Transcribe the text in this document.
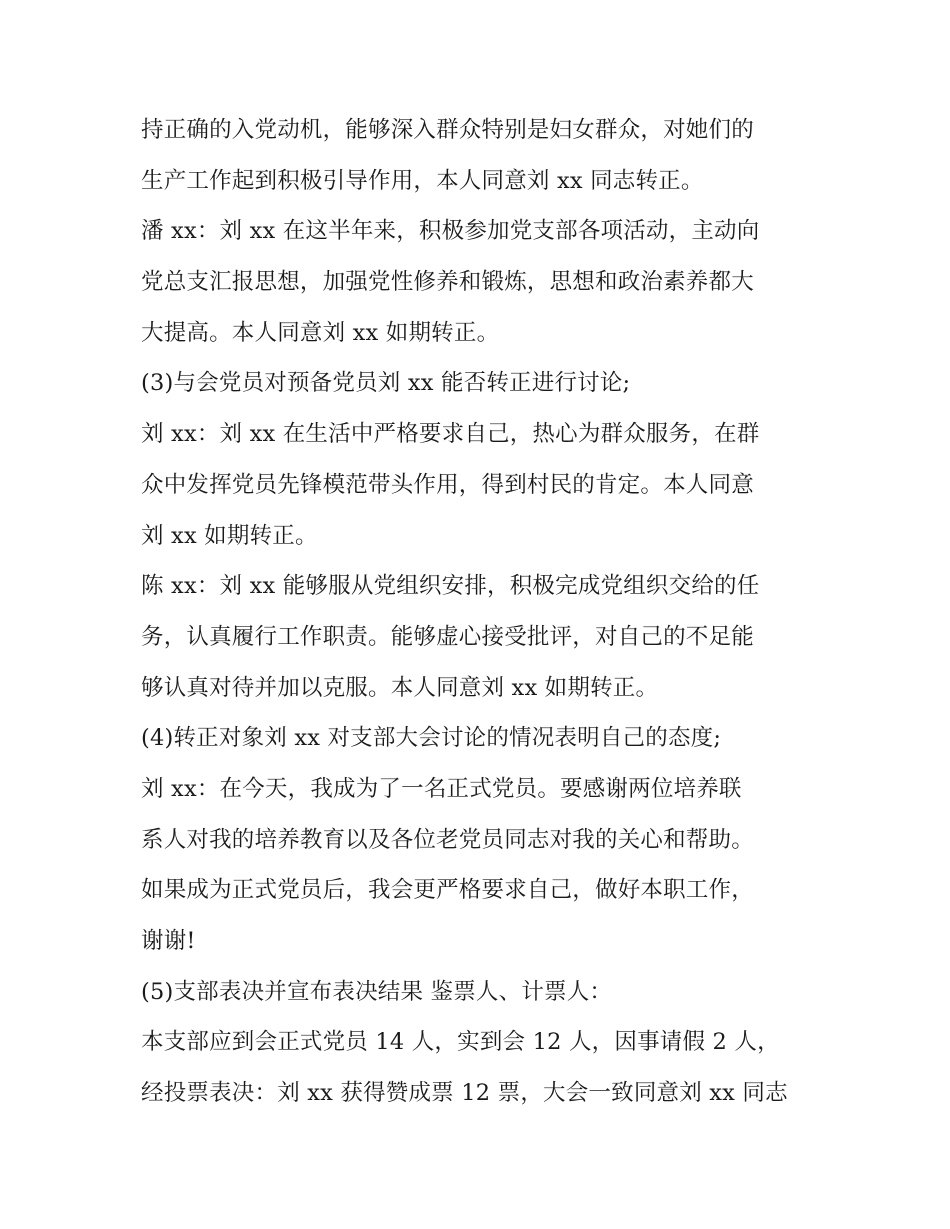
持正确的入党动机，能够深入群众特别是妇女群众，对她们的
生产工作起到积极引导作用，本人同意刘 xx 同志转正。
潘 xx：刘 xx 在这半年来，积极参加党支部各项活动，主动向
党总支汇报思想，加强党性修养和锻炼，思想和政治素养都大
大提高。本人同意刘 xx 如期转正。
(3)与会党员对预备党员刘 xx 能否转正进行讨论;
刘 xx：刘 xx 在生活中严格要求自己，热心为群众服务，在群
众中发挥党员先锋模范带头作用，得到村民的肯定。本人同意
刘 xx 如期转正。
陈 xx：刘 xx 能够服从党组织安排，积极完成党组织交给的任
务，认真履行工作职责。能够虚心接受批评，对自己的不足能
够认真对待并加以克服。本人同意刘 xx 如期转正。
(4)转正对象刘 xx 对支部大会讨论的情况表明自己的态度;
刘 xx：在今天，我成为了一名正式党员。要感谢两位培养联
系人对我的培养教育以及各位老党员同志对我的关心和帮助。
如果成为正式党员后，我会更严格要求自己，做好本职工作，
谢谢!
(5)支部表决并宣布表决结果 鉴票人、计票人：
本支部应到会正式党员 14 人，实到会 12 人，因事请假 2 人，
经投票表决：刘 xx 获得赞成票 12 票，大会一致同意刘 xx 同志
